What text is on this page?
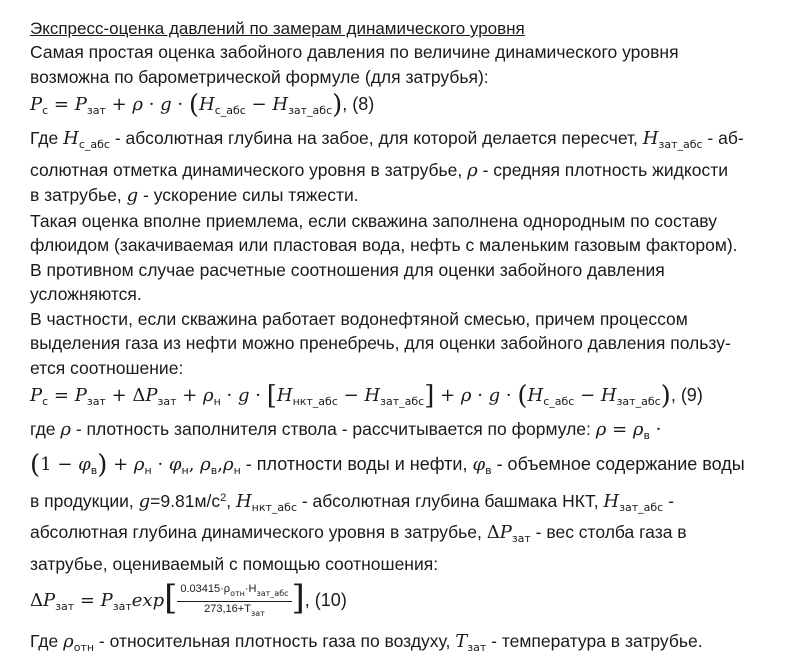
Экспресс-оценка давлений по замерам динамического уровня
Самая простая оценка забойного давления по величине динамического уровня
возможна по барометрической формуле (для затрубья):
$P_с = P_{зат} + \rho \cdot g \cdot (H_{с\_абс} - H_{зат\_абс})$, (8)
Где $H_{с\_абс}$ - абсолютная глубина на забое, для которой делается пересчет, $H_{зат\_абс} - аб-$
солютная отметка динамического уровня в затрубье, ρ - средняя плотность жидкости
в затрубье, g - ускорение силы тяжести.
Такая оценка вполне приемлема, если скважина заполнена однородным по составу
флюидом (закачиваемая или пластовая вода, нефть с маленьким газовым фактором).
В противном случае расчетные соотношения для оценки забойного давления
усложняются.
В частности, если скважина работает водонефтяной смесью, причем процессом
выделения газа из нефти можно пренебречь, для оценки забойного давления пользу-
ется соотношение:
$P_с = P_{зат} + \Delta P_{зат} + \rho_н \cdot g \cdot [H_{нкт\_абс} - H_{зат\_абс}] + \rho \cdot g \cdot (H_{с\_абс} - H_{зат\_абс})$, (9)
где ρ - плотность заполнителя ствола - рассчитывается по формуле: $\rho = \rho_в$ ·
$(1 - \varphi_в) + \rho_н \cdot \varphi_н$, $\rho_в,\rho_н$ - плотности воды и нефти, $\varphi_в$ - объемное содержание воды
в продукции, $g=9.81м/с^2$, $H_{нкт\_абс}$ - абсолютная глубина башмака НКТ, $H_{зат\_абс}$ -
абсолютная глубина динамического уровня в затрубье, $\Delta P_{зат}$ - вес столба газа в
затрубье, оцениваемый с помощью соотношения:
$\Delta P_{зат} = P_{зат}\exp[ \frac{0.03415\cdot\rho_{отн}\cdot H_{зат\_абс}}{273,16+T_{зат}}$ ], (10)
Где $\rho_{отн}$ - относительная плотность газа по воздуху, $T_{зат}$ - температура в затрубье.
